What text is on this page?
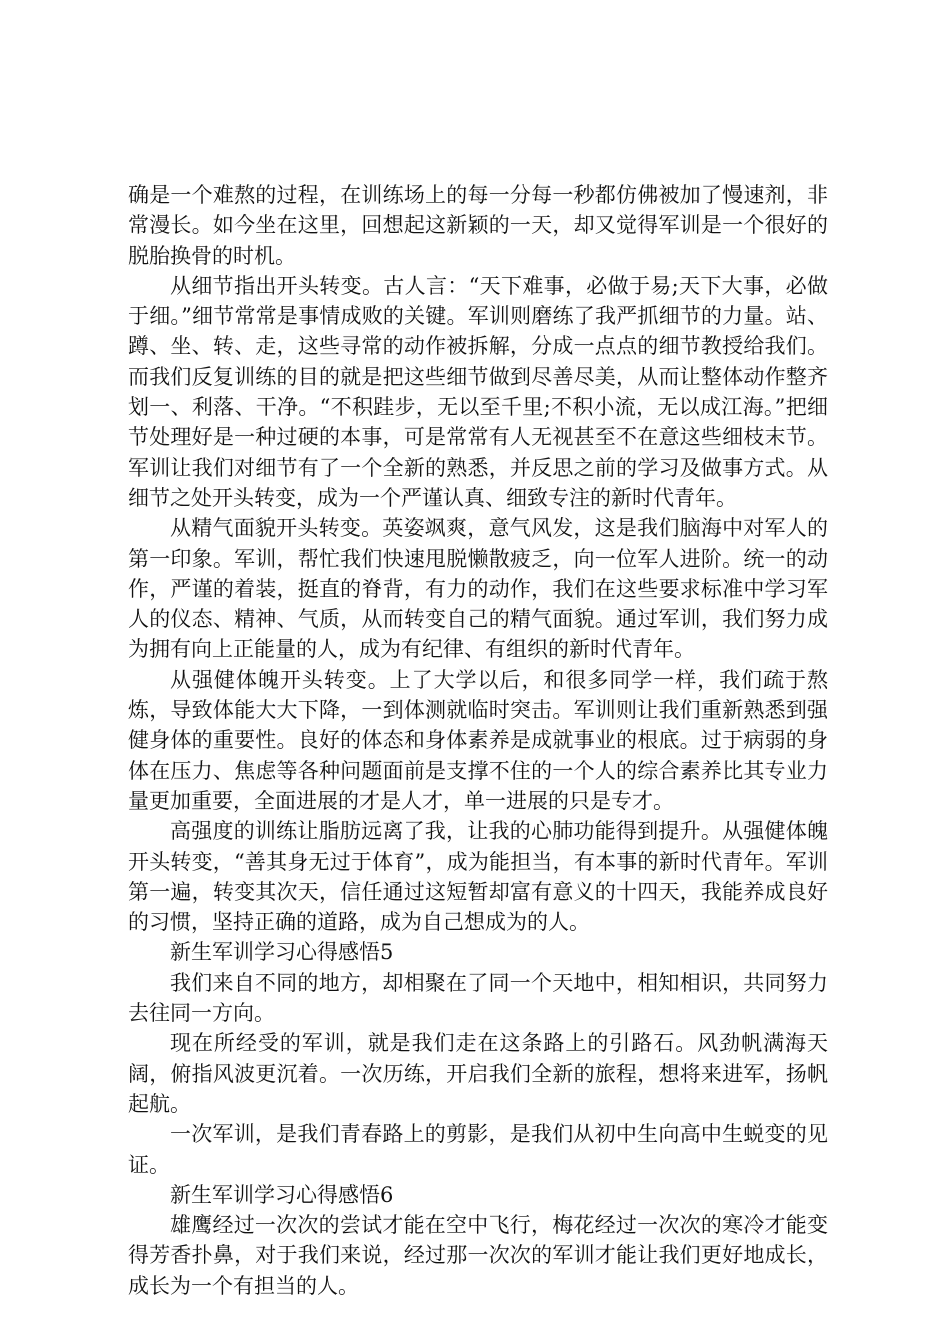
确是一个难熬的过程，在训练场上的每一分每一秒都仿佛被加了慢速剂，非常漫长。如今坐在这里，回想起这新颖的一天，却又觉得军训是一个很好的脱胎换骨的时机。

从细节指出开头转变。古人言：“天下难事，必做于易;天下大事，必做于细。”细节常常是事情成败的关键。军训则磨练了我严抓细节的力量。站、蹲、坐、转、走，这些寻常的动作被拆解，分成一点点的细节教授给我们。而我们反复训练的目的就是把这些细节做到尽善尽美，从而让整体动作整齐划一、利落、干净。“不积跬步，无以至千里;不积小流，无以成江海。”把细节处理好是一种过硬的本事，可是常常有人无视甚至不在意这些细枝末节。军训让我们对细节有了一个全新的熟悉，并反思之前的学习及做事方式。从细节之处开头转变，成为一个严谨认真、细致专注的新时代青年。

从精气面貌开头转变。英姿飒爽，意气风发，这是我们脑海中对军人的第一印象。军训，帮忙我们快速甩脱懒散疲乏，向一位军人进阶。统一的动作，严谨的着装，挺直的脊背，有力的动作，我们在这些要求标准中学习军人的仪态、精神、气质，从而转变自己的精气面貌。通过军训，我们努力成为拥有向上正能量的人，成为有纪律、有组织的新时代青年。

从强健体魄开头转变。上了大学以后，和很多同学一样，我们疏于熬炼，导致体能大大下降，一到体测就临时突击。军训则让我们重新熟悉到强健身体的重要性。良好的体态和身体素养是成就事业的根底。过于病弱的身体在压力、焦虑等各种问题面前是支撑不住的一个人的综合素养比其专业力量更加重要，全面进展的才是人才，单一进展的只是专才。

高强度的训练让脂肪远离了我，让我的心肺功能得到提升。从强健体魄开头转变，“善其身无过于体育”，成为能担当，有本事的新时代青年。军训第一遍，转变其次天，信任通过这短暂却富有意义的十四天，我能养成良好的习惯，坚持正确的道路，成为自己想成为的人。

新生军训学习心得感悟5

我们来自不同的地方，却相聚在了同一个天地中，相知相识，共同努力去往同一方向。

现在所经受的军训，就是我们走在这条路上的引路石。风劲帆满海天阔，俯指风波更沉着。一次历练，开启我们全新的旅程，想将来进军，扬帆起航。

一次军训，是我们青春路上的剪影，是我们从初中生向高中生蜕变的见证。

新生军训学习心得感悟6

雄鹰经过一次次的尝试才能在空中飞行，梅花经过一次次的寒冷才能变得芳香扑鼻，对于我们来说，经过那一次次的军训才能让我们更好地成长，成长为一个有担当的人。
